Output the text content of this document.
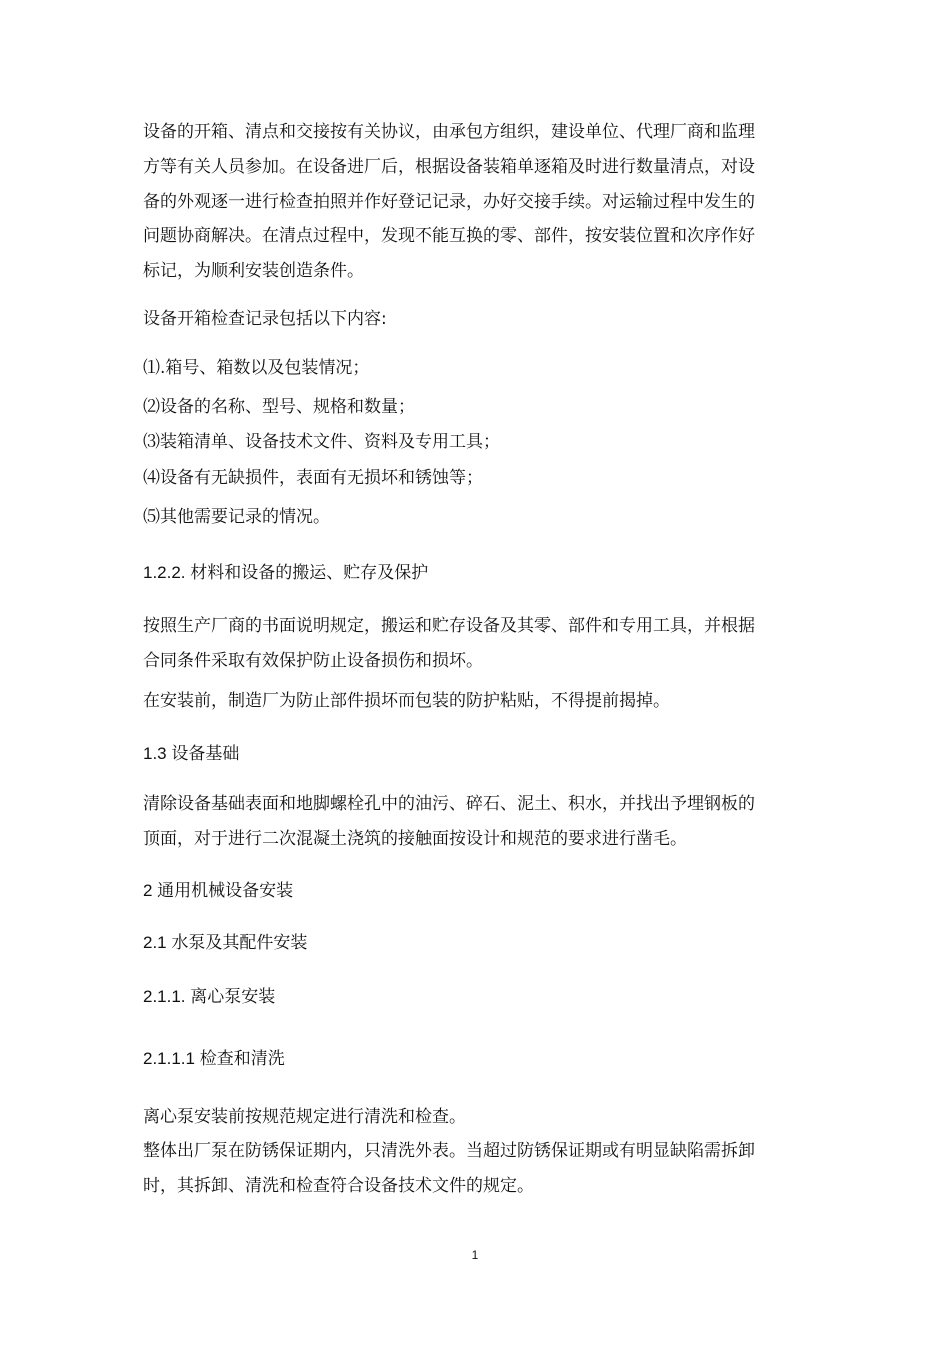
设备的开箱、清点和交接按有关协议，由承包方组织，建设单位、代理厂商和监理方等有关人员参加。在设备进厂后，根据设备装箱单逐箱及时进行数量清点，对设备的外观逐一进行检查拍照并作好登记记录，办好交接手续。对运输过程中发生的问题协商解决。在清点过程中，发现不能互换的零、部件，按安装位置和次序作好标记，为顺利安装创造条件。

设备开箱检查记录包括以下内容:

⑴.箱号、箱数以及包装情况；

⑵设备的名称、型号、规格和数量；

⑶装箱清单、设备技术文件、资料及专用工具；

⑷设备有无缺损件，表面有无损坏和锈蚀等；

⑸其他需要记录的情况。

1.2.2. 材料和设备的搬运、贮存及保护

按照生产厂商的书面说明规定，搬运和贮存设备及其零、部件和专用工具，并根据合同条件采取有效保护防止设备损伤和损坏。

在安装前，制造厂为防止部件损坏而包装的防护粘贴，不得提前揭掉。

1.3 设备基础

清除设备基础表面和地脚螺栓孔中的油污、碎石、泥土、积水，并找出予埋钢板的顶面，对于进行二次混凝土浇筑的接触面按设计和规范的要求进行凿毛。

2 通用机械设备安装

2.1 水泵及其配件安装

2.1.1. 离心泵安装

2.1.1.1 检查和清洗

离心泵安装前按规范规定进行清洗和检查。

整体出厂泵在防锈保证期内，只清洗外表。当超过防锈保证期或有明显缺陷需拆卸时，其拆卸、清洗和检查符合设备技术文件的规定。

1
